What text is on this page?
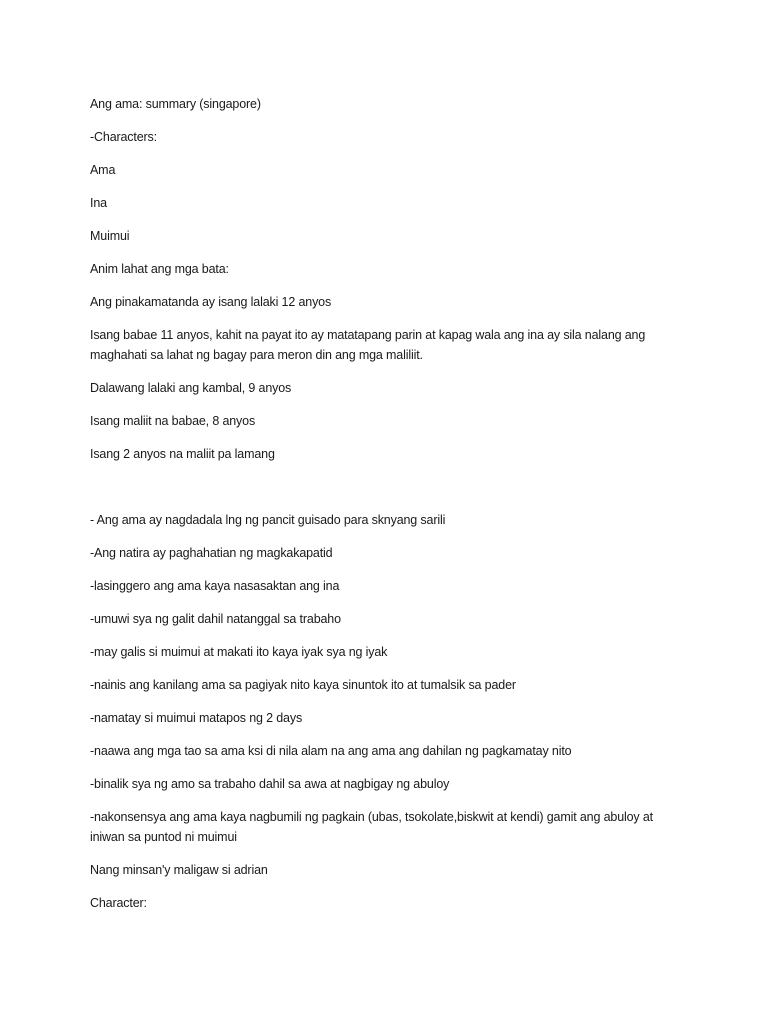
Ang ama: summary (singapore)

-Characters:

Ama

Ina

Muimui

Anim lahat ang mga bata:

Ang pinakamatanda ay isang lalaki 12 anyos

Isang babae 11 anyos, kahit na payat ito ay matatapang parin at kapag wala ang ina ay sila nalang ang maghahati sa lahat ng bagay para meron din ang mga maliliit.

Dalawang lalaki ang kambal, 9 anyos

Isang maliit na babae, 8 anyos

Isang 2 anyos na maliit pa lamang

- Ang ama ay nagdadala lng ng pancit guisado para sknyang sarili

-Ang natira ay paghahatian ng magkakapatid

-lasinggero ang ama kaya nasasaktan ang ina

-umuwi sya ng galit dahil natanggal sa trabaho

-may galis si muimui at makati ito kaya iyak sya ng iyak

-nainis ang kanilang ama sa pagiyak nito kaya sinuntok ito at tumalsik sa pader

-namatay si muimui matapos ng 2 days

-naawa ang mga tao sa ama ksi di nila alam na ang ama ang dahilan ng pagkamatay nito

-binalik sya ng amo sa trabaho dahil sa awa at nagbigay ng abuloy

-nakonsensya ang ama kaya nagbumili ng pagkain (ubas, tsokolate,biskwit at kendi) gamit ang abuloy at iniwan sa puntod ni muimui

Nang minsan'y maligaw si adrian

Character:
